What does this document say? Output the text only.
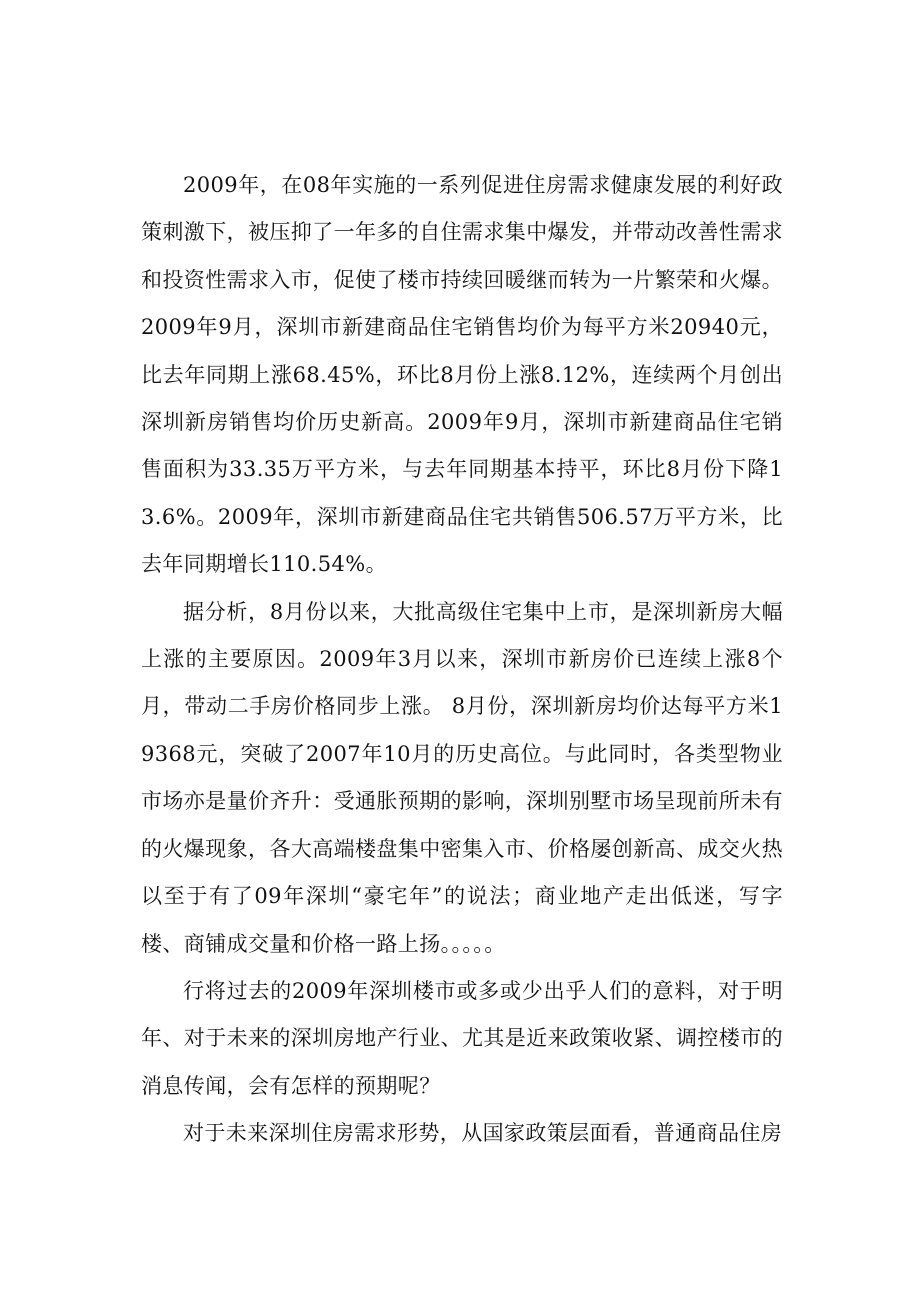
2009年，在08年实施的一系列促进住房需求健康发展的利好政策刺激下，被压抑了一年多的自住需求集中爆发，并带动改善性需求和投资性需求入市，促使了楼市持续回暖继而转为一片繁荣和火爆。2009年9月，深圳市新建商品住宅销售均价为每平方米20940元，比去年同期上涨68.45%，环比8月份上涨8.12%，连续两个月创出深圳新房销售均价历史新高。2009年9月，深圳市新建商品住宅销售面积为33.35万平方米，与去年同期基本持平，环比8月份下降13.6%。2009年，深圳市新建商品住宅共销售506.57万平方米，比去年同期增长110.54%。

据分析，8月份以来，大批高级住宅集中上市，是深圳新房大幅上涨的主要原因。2009年3月以来，深圳市新房价已连续上涨8个月，带动二手房价格同步上涨。 8月份，深圳新房均价达每平方米19368元，突破了2007年10月的历史高位。与此同时，各类型物业市场亦是量价齐升：受通胀预期的影响，深圳别墅市场呈现前所未有的火爆现象，各大高端楼盘集中密集入市、价格屡创新高、成交火热以至于有了09年深圳“豪宅年”的说法；商业地产走出低迷，写字楼、商铺成交量和价格一路上扬。。。。。

行将过去的2009年深圳楼市或多或少出乎人们的意料，对于明年、对于未来的深圳房地产行业、尤其是近来政策收紧、调控楼市的消息传闻，会有怎样的预期呢？

对于未来深圳住房需求形势，从国家政策层面看，普通商品住房
